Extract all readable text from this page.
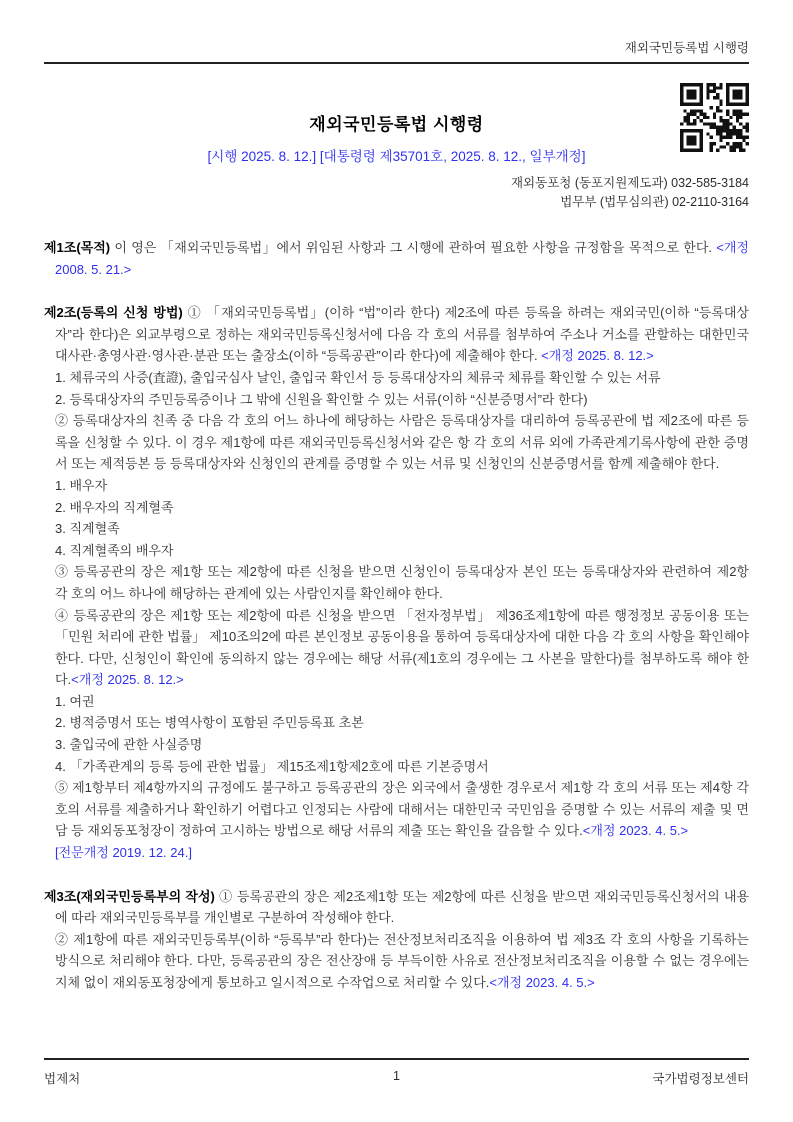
재외국민등록법 시행령
재외국민등록법 시행령
[시행 2025. 8. 12.] [대통령령 제35701호, 2025. 8. 12., 일부개정]
재외동포청 (동포지원제도과) 032-585-3184
법무부 (법무심의관) 02-2110-3164

제1조(목적) 이 영은 「재외국민등록법」에서 위임된 사항과 그 시행에 관하여 필요한 사항을 규정함을 목적으로 한다. <개정 2008. 5. 21.>

제2조(등록의 신청 방법) ① 「재외국민등록법」(이하 “법”이라 한다) 제2조에 따른 등록을 하려는 재외국민(이하 “등록대상자”라 한다)은 외교부령으로 정하는 재외국민등록신청서에 다음 각 호의 서류를 첨부하여 주소나 거소를 관할하는 대한민국 대사관·총영사관·영사관·분관 또는 출장소(이하 “등록공관”이라 한다)에 제출해야 한다. <개정 2025. 8. 12.>

1. 체류국의 사증(査證), 출입국심사 날인, 출입국 확인서 등 등록대상자의 체류국 체류를 확인할 수 있는 서류

2. 등록대상자의 주민등록증이나 그 밖에 신원을 확인할 수 있는 서류(이하 “신분증명서”라 한다)

② 등록대상자의 친족 중 다음 각 호의 어느 하나에 해당하는 사람은 등록대상자를 대리하여 등록공관에 법 제2조에 따른 등록을 신청할 수 있다. 이 경우 제1항에 따른 재외국민등록신청서와 같은 항 각 호의 서류 외에 가족관계기록사항에 관한 증명서 또는 제적등본 등 등록대상자와 신청인의 관계를 증명할 수 있는 서류 및 신청인의 신분증명서를 함께 제출해야 한다.

1. 배우자

2. 배우자의 직계혈족

3. 직계혈족

4. 직계혈족의 배우자

③ 등록공관의 장은 제1항 또는 제2항에 따른 신청을 받으면 신청인이 등록대상자 본인 또는 등록대상자와 관련하여 제2항 각 호의 어느 하나에 해당하는 관계에 있는 사람인지를 확인해야 한다.

④ 등록공관의 장은 제1항 또는 제2항에 따른 신청을 받으면 「전자정부법」 제36조제1항에 따른 행정정보 공동이용 또는 「민원 처리에 관한 법률」 제10조의2에 따른 본인정보 공동이용을 통하여 등록대상자에 대한 다음 각 호의 사항을 확인해야 한다. 다만, 신청인이 확인에 동의하지 않는 경우에는 해당 서류(제1호의 경우에는 그 사본을 말한다)를 첨부하도록 해야 한다.<개정 2025. 8. 12.>

1. 여권

2. 병적증명서 또는 병역사항이 포함된 주민등록표 초본

3. 출입국에 관한 사실증명

4. 「가족관계의 등록 등에 관한 법률」 제15조제1항제2호에 따른 기본증명서

⑤ 제1항부터 제4항까지의 규정에도 불구하고 등록공관의 장은 외국에서 출생한 경우로서 제1항 각 호의 서류 또는 제4항 각 호의 서류를 제출하거나 확인하기 어렵다고 인정되는 사람에 대해서는 대한민국 국민임을 증명할 수 있는 서류의 제출 및 면담 등 재외동포청장이 정하여 고시하는 방법으로 해당 서류의 제출 또는 확인을 갈음할 수 있다.<개정 2023. 4. 5.>

[전문개정 2019. 12. 24.]

제3조(재외국민등록부의 작성) ① 등록공관의 장은 제2조제1항 또는 제2항에 따른 신청을 받으면 재외국민등록신청서의 내용에 따라 재외국민등록부를 개인별로 구분하여 작성해야 한다.

② 제1항에 따른 재외국민등록부(이하 “등록부”라 한다)는 전산정보처리조직을 이용하여 법 제3조 각 호의 사항을 기록하는 방식으로 처리해야 한다. 다만, 등록공관의 장은 전산장애 등 부득이한 사유로 전산정보처리조직을 이용할 수 없는 경우에는 지체 없이 재외동포청장에게 통보하고 일시적으로 수작업으로 처리할 수 있다.<개정 2023. 4. 5.>

법제처	1	국가법령정보센터
